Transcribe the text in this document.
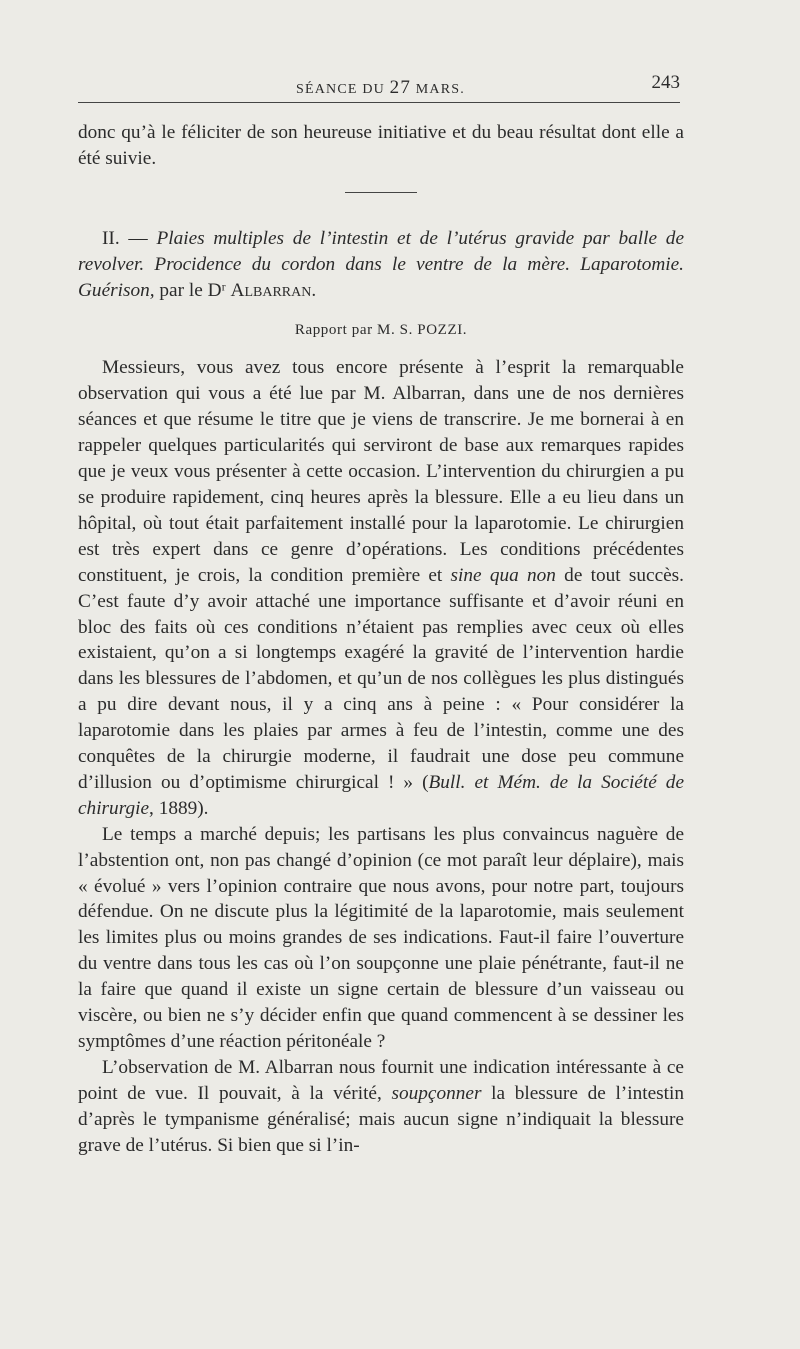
SÉANCE DU 27 MARS.	243

donc qu’à le féliciter de son heureuse initiative et du beau résultat dont elle a été suivie.

II. — Plaies multiples de l’intestin et de l’utérus gravide par balle de revolver. Procidence du cordon dans le ventre de la mère. Laparotomie. Guérison, par le Dʳ Albarran.

Rapport par M. S. POZZI.

Messieurs, vous avez tous encore présente à l’esprit la remarquable observation qui vous a été lue par M. Albarran, dans une de nos dernières séances et que résume le titre que je viens de transcrire. Je me bornerai à en rappeler quelques particularités qui serviront de base aux remarques rapides que je veux vous présenter à cette occasion. L’intervention du chirurgien a pu se produire rapidement, cinq heures après la blessure. Elle a eu lieu dans un hôpital, où tout était parfaitement installé pour la laparotomie. Le chirurgien est très expert dans ce genre d’opérations. Les conditions précédentes constituent, je crois, la condition première et sine qua non de tout succès. C’est faute d’y avoir attaché une importance suffisante et d’avoir réuni en bloc des faits où ces conditions n’étaient pas remplies avec ceux où elles existaient, qu’on a si longtemps exagéré la gravité de l’intervention hardie dans les blessures de l’abdomen, et qu’un de nos collègues les plus distingués a pu dire devant nous, il y a cinq ans à peine : « Pour considérer la laparotomie dans les plaies par armes à feu de l’intestin, comme une des conquêtes de la chirurgie moderne, il faudrait une dose peu commune d’illusion ou d’optimisme chirurgical ! » (Bull. et Mém. de la Société de chirurgie, 1889).

Le temps a marché depuis; les partisans les plus convaincus naguère de l’abstention ont, non pas changé d’opinion (ce mot paraît leur déplaire), mais « évolué » vers l’opinion contraire que nous avons, pour notre part, toujours défendue. On ne discute plus la légitimité de la laparotomie, mais seulement les limites plus ou moins grandes de ses indications. Faut-il faire l’ouverture du ventre dans tous les cas où l’on soupçonne une plaie pénétrante, faut-il ne la faire que quand il existe un signe certain de blessure d’un vaisseau ou viscère, ou bien ne s’y décider enfin que quand commencent à se dessiner les symptômes d’une réaction péritonéale ?

L’observation de M. Albarran nous fournit une indication intéressante à ce point de vue. Il pouvait, à la vérité, soupçonner la blessure de l’intestin d’après le tympanisme généralisé; mais aucun signe n’indiquait la blessure grave de l’utérus. Si bien que si l’in-
